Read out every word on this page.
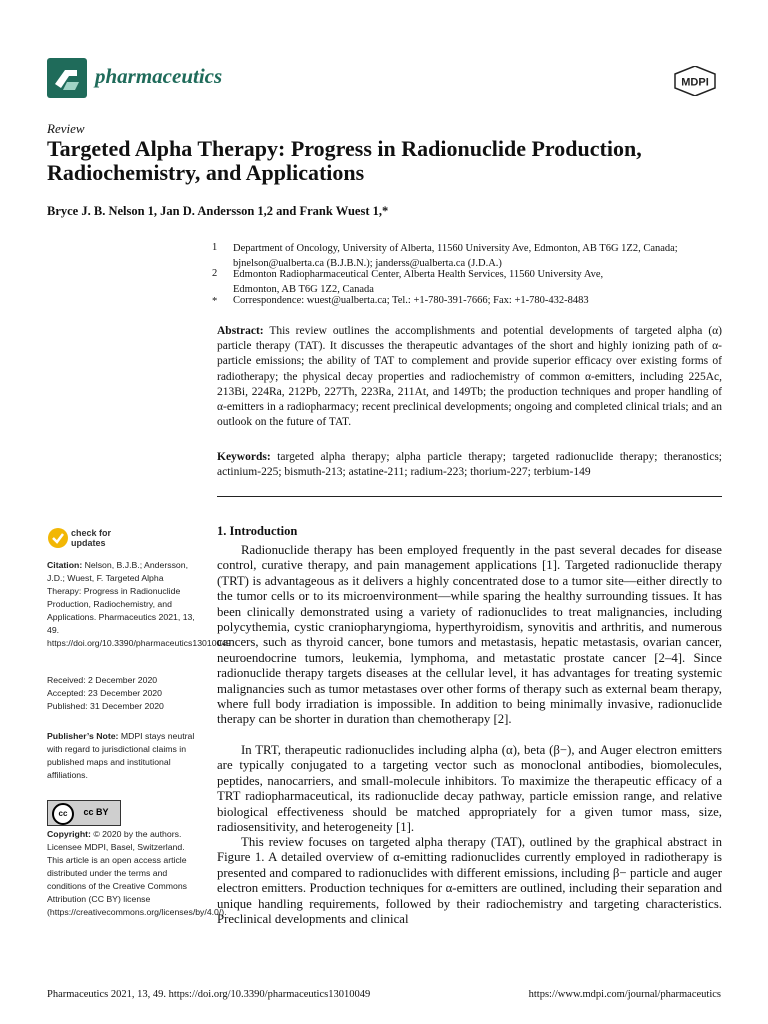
pharmaceutics	MDPI
Review
Targeted Alpha Therapy: Progress in Radionuclide Production, Radiochemistry, and Applications
Bryce J. B. Nelson 1, Jan D. Andersson 1,2 and Frank Wuest 1,*
1 Department of Oncology, University of Alberta, 11560 University Ave, Edmonton, AB T6G 1Z2, Canada;
bjnelson@ualberta.ca (B.J.B.N.); janderss@ualberta.ca (J.D.A.)
2 Edmonton Radiopharmaceutical Center, Alberta Health Services, 11560 University Ave,
Edmonton, AB T6G 1Z2, Canada
* Correspondence: wuest@ualberta.ca; Tel.: +1-780-391-7666; Fax: +1-780-432-8483
Abstract: This review outlines the accomplishments and potential developments of targeted alpha (α) particle therapy (TAT). It discusses the therapeutic advantages of the short and highly ionizing path of α-particle emissions; the ability of TAT to complement and provide superior efficacy over existing forms of radiotherapy; the physical decay properties and radiochemistry of common α-emitters, including 225Ac, 213Bi, 224Ra, 212Pb, 227Th, 223Ra, 211At, and 149Tb; the production techniques and proper handling of α-emitters in a radiopharmacy; recent preclinical developments; ongoing and completed clinical trials; and an outlook on the future of TAT.
Keywords: targeted alpha therapy; alpha particle therapy; targeted radionuclide therapy; theranostics; actinium-225; bismuth-213; astatine-211; radium-223; thorium-227; terbium-149
check for updates
Citation: Nelson, B.J.B.; Andersson, J.D.; Wuest, F. Targeted Alpha Therapy: Progress in Radionuclide Production, Radiochemistry, and Applications. Pharmaceutics 2021, 13, 49. https://doi.org/10.3390/pharmaceutics13010049
Received: 2 December 2020
Accepted: 23 December 2020
Published: 31 December 2020
Publisher’s Note: MDPI stays neutral with regard to jurisdictional claims in published maps and institutional affiliations.
cc	cc BY
Copyright: © 2020 by the authors. Licensee MDPI, Basel, Switzerland. This article is an open access article distributed under the terms and conditions of the Creative Commons Attribution (CC BY) license (https://creativecommons.org/licenses/by/4.0/).
1. Introduction
Radionuclide therapy has been employed frequently in the past several decades for disease control, curative therapy, and pain management applications [1]. Targeted radionuclide therapy (TRT) is advantageous as it delivers a highly concentrated dose to a tumor site—either directly to the tumor cells or to its microenvironment—while sparing the healthy surrounding tissues. It has been clinically demonstrated using a variety of radionuclides to treat malignancies, including polycythemia, cystic craniopharyngioma, hyperthyroidism, synovitis and arthritis, and numerous cancers, such as thyroid cancer, bone tumors and metastasis, hepatic metastasis, ovarian cancer, neuroendocrine tumors, leukemia, lymphoma, and metastatic prostate cancer [2–4]. Since radionuclide therapy targets diseases at the cellular level, it has advantages for treating systemic malignancies such as tumor metastases over other forms of therapy such as external beam therapy, where full body irradiation is impossible. In addition to being minimally invasive, radionuclide therapy can be shorter in duration than chemotherapy [2].
In TRT, therapeutic radionuclides including alpha (α), beta (β−), and Auger electron emitters are typically conjugated to a targeting vector such as monoclonal antibodies, biomolecules, peptides, nanocarriers, and small-molecule inhibitors. To maximize the therapeutic efficacy of a TRT radiopharmaceutical, its radionuclide decay pathway, particle emission range, and relative biological effectiveness should be matched appropriately for a given tumor mass, size, radiosensitivity, and heterogeneity [1].
This review focuses on targeted alpha therapy (TAT), outlined by the graphical abstract in Figure 1. A detailed overview of α-emitting radionuclides currently employed in radiotherapy is presented and compared to radionuclides with different emissions, including β− particle and auger electron emitters. Production techniques for α-emitters are outlined, including their separation and unique handling requirements, followed by their radiochemistry and targeting characteristics. Preclinical developments and clinical
Pharmaceutics 2021, 13, 49. https://doi.org/10.3390/pharmaceutics13010049	https://www.mdpi.com/journal/pharmaceutics
